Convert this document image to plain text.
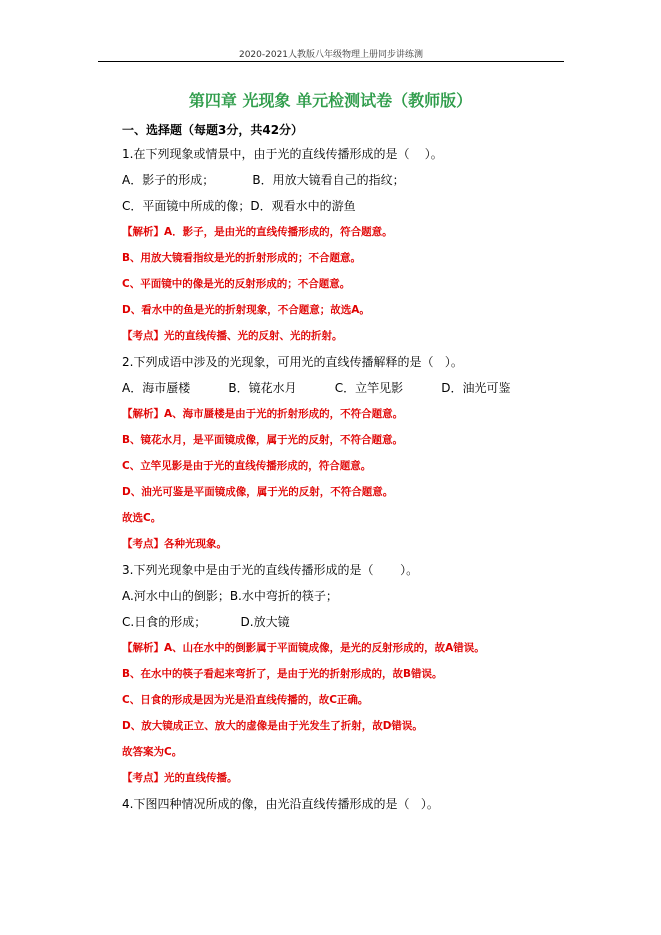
2020-2021人教版八年级物理上册同步讲练测
第四章 光现象 单元检测试卷（教师版）
一、选择题（每题3分，共42分）
1.在下列现象或情景中，由于光的直线传播形成的是（    ）。
A．影子的形成；          B．用放大镜看自己的指纹；
C．平面镜中所成的像；D．观看水中的游鱼
【解析】A．影子，是由光的直线传播形成的，符合题意。
B、用放大镜看指纹是光的折射形成的；不合题意。
C、平面镜中的像是光的反射形成的；不合题意。
D、看水中的鱼是光的折射现象，不合题意；故选A。
【考点】光的直线传播、光的反射、光的折射。
2.下列成语中涉及的光现象，可用光的直线传播解释的是（   ）。
A．海市蜃楼          B．镜花水月          C．立竿见影          D．油光可鉴
【解析】A、海市蜃楼是由于光的折射形成的，不符合题意。
B、镜花水月，是平面镜成像，属于光的反射，不符合题意。
C、立竿见影是由于光的直线传播形成的，符合题意。
D、油光可鉴是平面镜成像，属于光的反射，不符合题意。
故选C。
【考点】各种光现象。
3.下列光现象中是由于光的直线传播形成的是（       ）。
A.河水中山的倒影；B.水中弯折的筷子；
C.日食的形成；         D.放大镜
【解析】A、山在水中的倒影属于平面镜成像，是光的反射形成的，故A错误。
B、在水中的筷子看起来弯折了，是由于光的折射形成的，故B错误。
C、日食的形成是因为光是沿直线传播的，故C正确。
D、放大镜成正立、放大的虚像是由于光发生了折射，故D错误。
故答案为C。
【考点】光的直线传播。
4.下图四种情况所成的像，由光沿直线传播形成的是（   ）。
